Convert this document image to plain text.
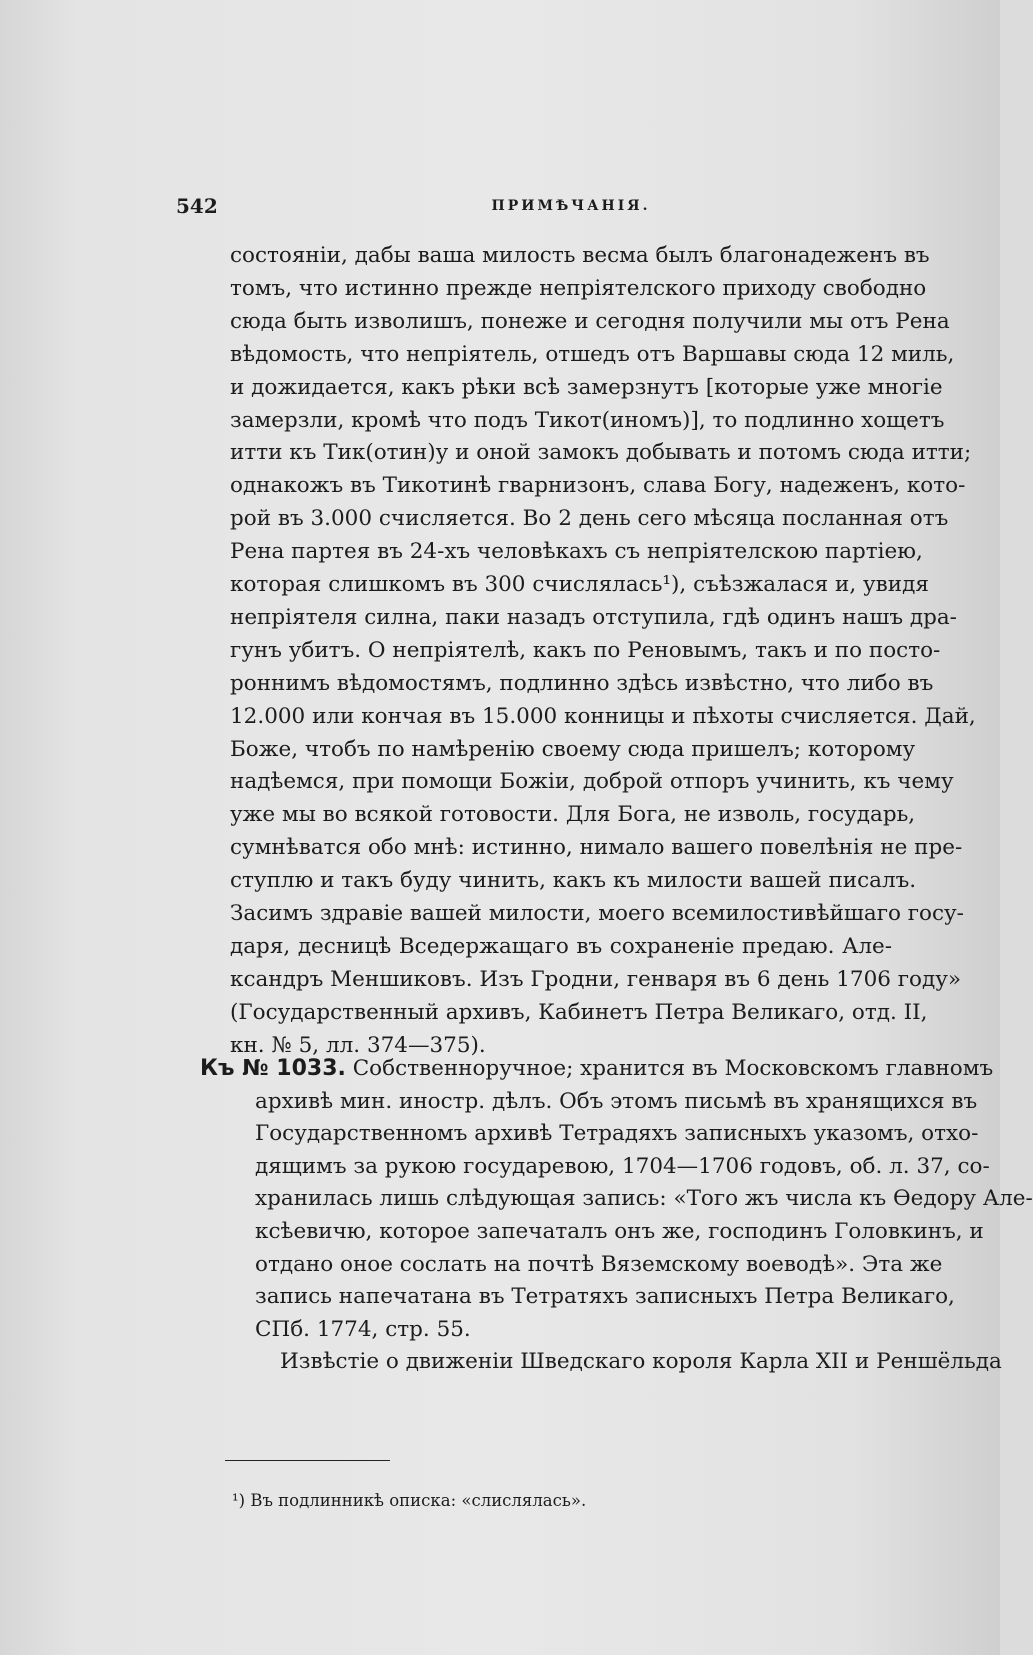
542	ПРИМѢЧАНІЯ.
состоянiи, дабы ваша милость весма былъ благонадеженъ въ
томъ, что истинно прежде непрiятелского приходу свободно
сюда быть изволишъ, понеже и сегодня получили мы отъ Рена
вѣдомость, что непрiятель, отшедъ отъ Варшавы сюда 12 миль,
и дожидается, какъ рѣки всѣ замерзнутъ [которые уже многiе
замерзли, кромѣ что подъ Тикот(иномъ)], то подлинно хощетъ
итти къ Тик(отин)у и оной замокъ добывать и потомъ сюда итти;
однакожъ въ Тикотинѣ гварнизонъ, слава Богу, надеженъ, кото-
рой въ 3.000 счисляется. Во 2 день сего мѣсяца посланная отъ
Рена партея въ 24-хъ человѣкахъ съ непрiятелскою партiею,
которая слишкомъ въ 300 счислялась¹), съѣзжалася и, увидя
непрiятеля силна, паки назадъ отступила, гдѣ одинъ нашъ дра-
гунъ убитъ. О непрiятелѣ, какъ по Реновымъ, такъ и по посто-
роннимъ вѣдомостямъ, подлинно здѣсь извѣстно, что либо въ
12.000 или кончая въ 15.000 конницы и пѣхоты счисляется. Дай,
Боже, чтобъ по намѣренiю своему сюда пришелъ; которому
надѣемся, при помощи Божiи, доброй отпоръ учинить, къ чему
уже мы во всякой готовости. Для Бога, не изволь, государь,
сумнѣватся обо мнѣ: истинно, нимало вашего повелѣнiя не пре-
ступлю и такъ буду чинить, какъ къ милости вашей писалъ.
Засимъ здравiе вашей милости, моего всемилостивѣйшаго госу-
даря, десницѣ Вседержащаго въ сохраненiе предаю. Але-
ксандръ Меншиковъ. Изъ Гродни, генваря въ 6 день 1706 году»
(Государственный архивъ, Кабинетъ Петра Великаго, отд. II,
кн. № 5, лл. 374—375).
Къ № 1033. Собственноручное; хранится въ Московскомъ главномъ
архивѣ мин. иностр. дѣлъ. Объ этомъ письмѣ въ хранящихся въ
Государственномъ архивѣ Тетрадяхъ записныхъ указомъ, отхо-
дящимъ за рукою государевою, 1704—1706 годовъ, об. л. 37, со-
хранилась лишь слѣдующая запись: «Того жъ числа къ Ѳедору Але-
ксѣевичю, которое запечаталъ онъ же, господинъ Головкинъ, и
отдано оное сослать на почтѣ Вяземскому воеводѣ». Эта же
запись напечатана въ Тетратяхъ записныхъ Петра Великаго,
СПб. 1774, стр. 55.
Извѣстiе о движенiи Шведскаго короля Карла XII и Реншёльда
¹) Въ подлинникѣ описка: «слислялась».
